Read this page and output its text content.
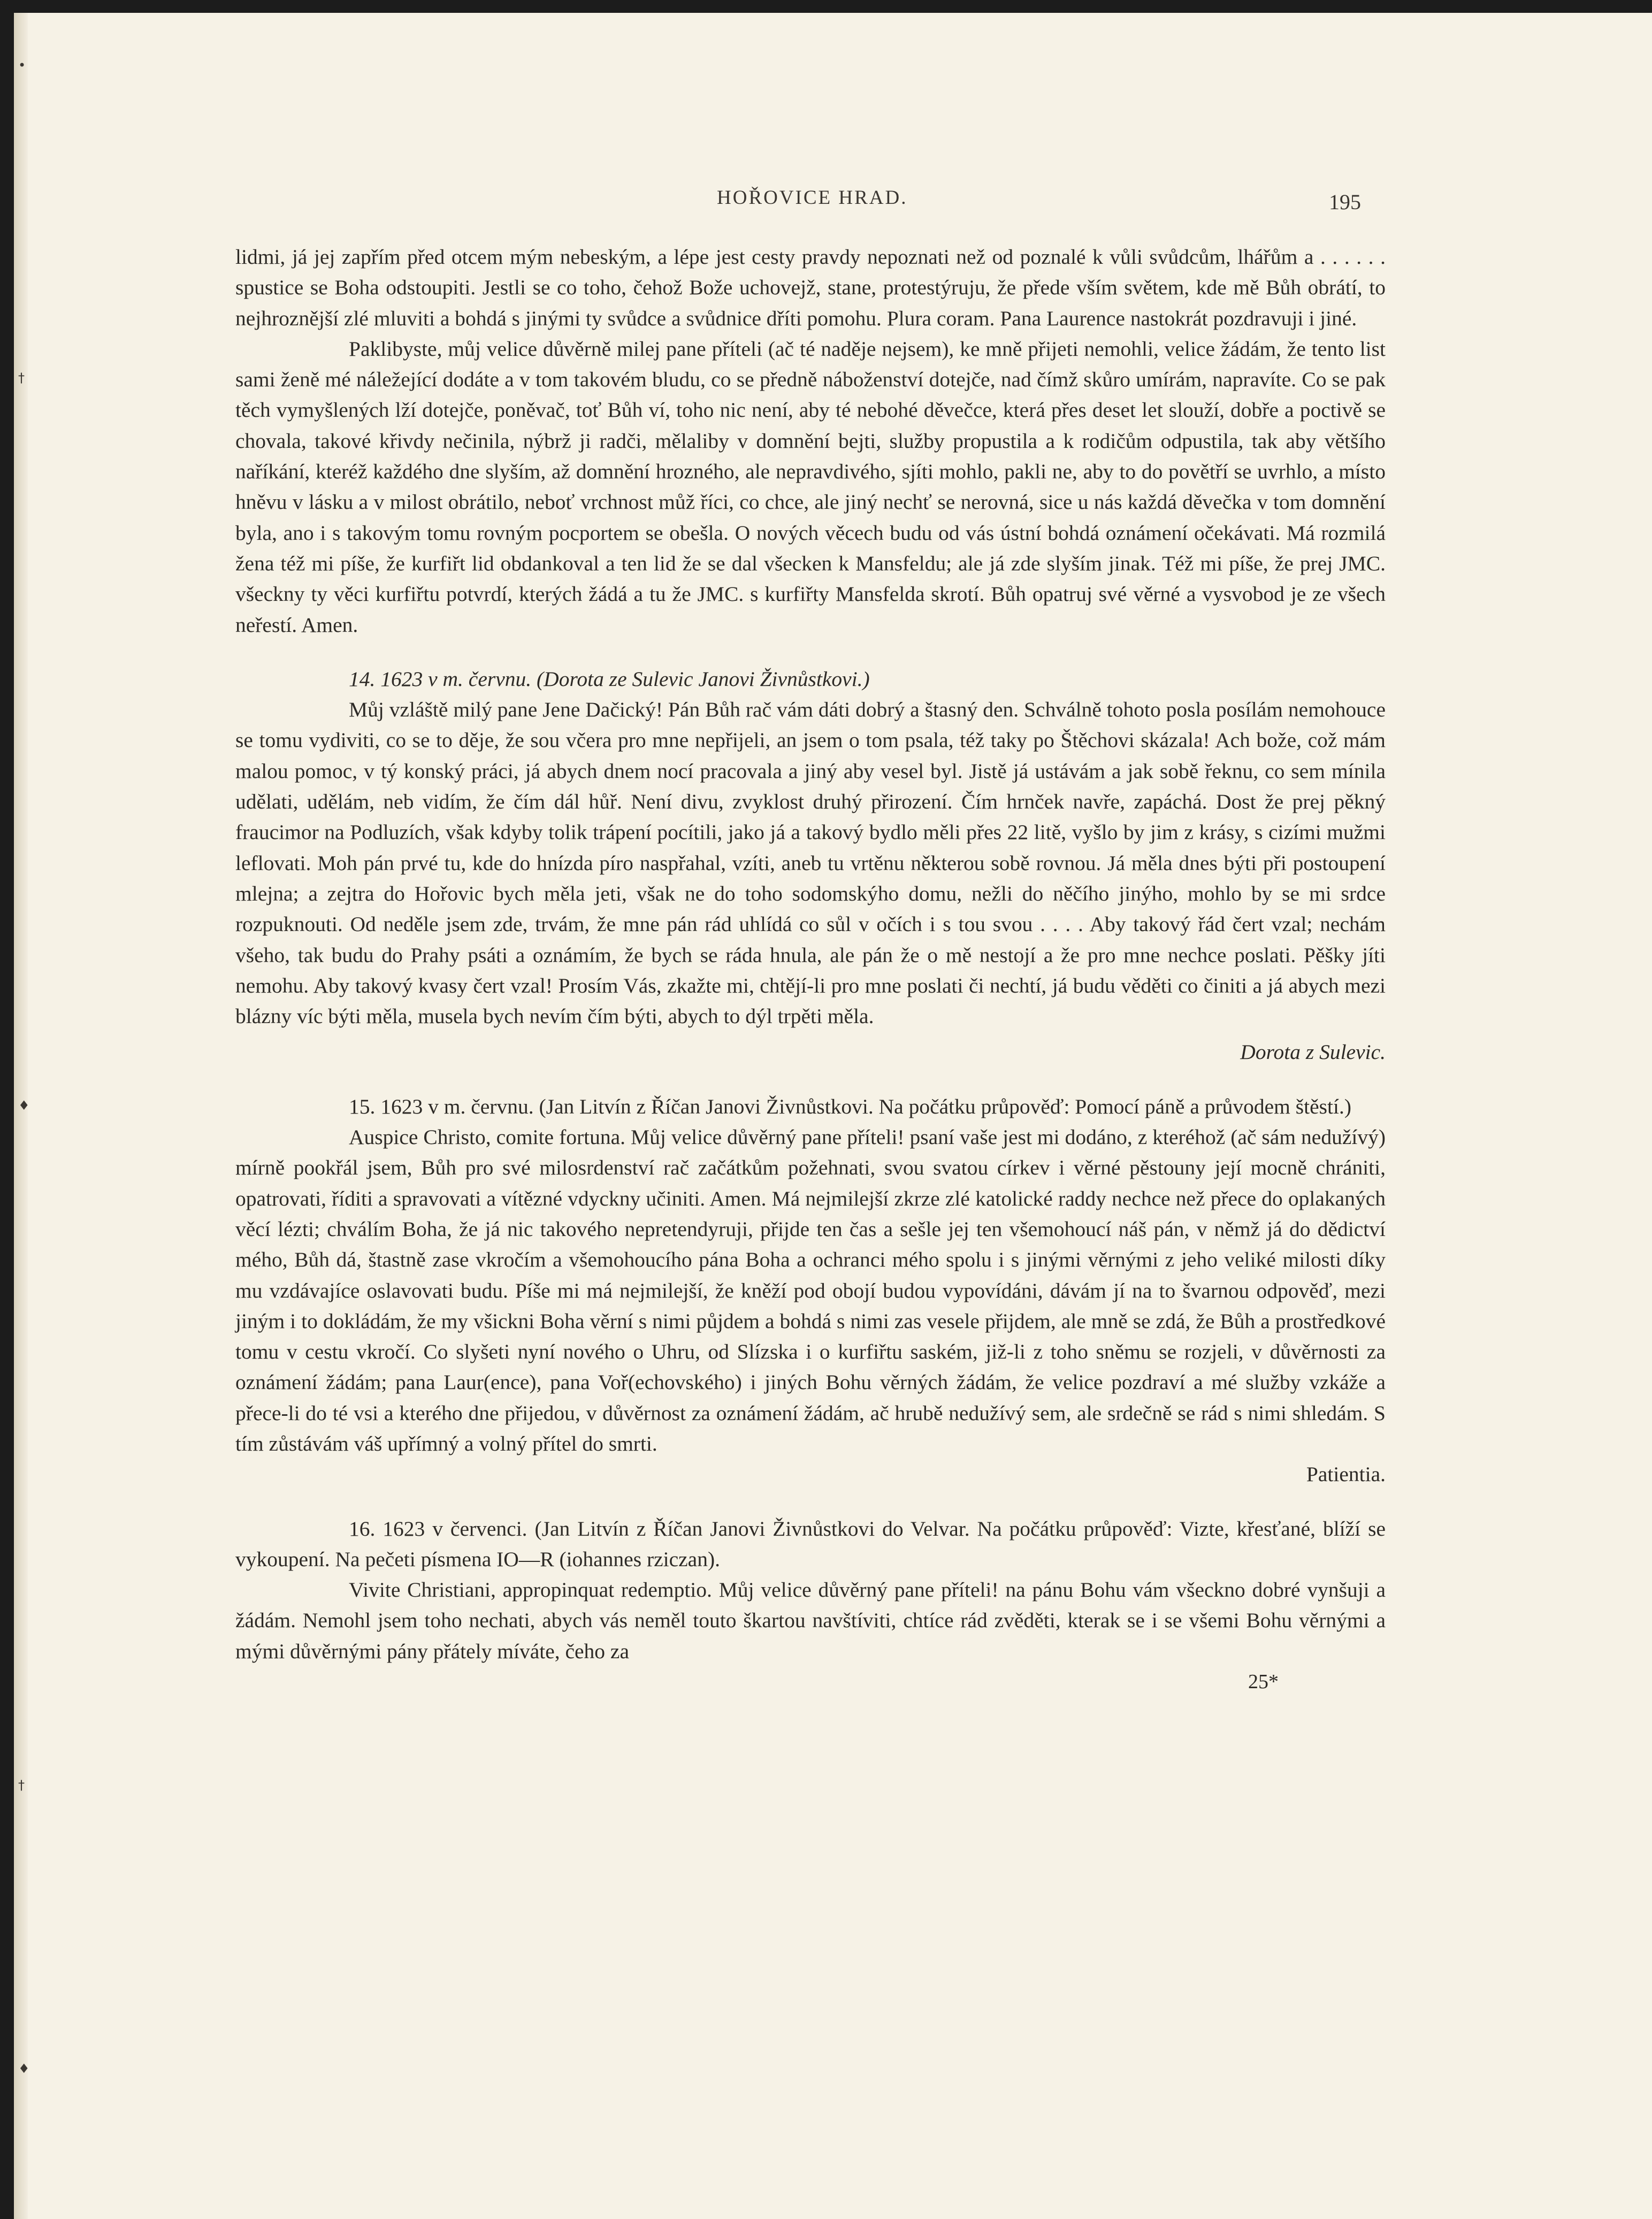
•
†
♦
†
♦
HOŘOVICE HRAD.	195

lidmi, já jej zapřím před otcem mým nebeským, a lépe jest cesty pravdy nepoznati než od poznalé k vůli svůdcům, lhářům a . . . . . . spustice se Boha odstoupiti. Jestli se co toho, čehož Bože uchovejž, stane, protestýruju, že přede vším světem, kde mě Bůh obrátí, to nejhroznější zlé mluviti a bohdá s jinými ty svůdce a svůdnice dříti pomohu. Plura coram. Pana Laurence nastokrát pozdravuji i jiné.

Paklibyste, můj velice důvěrně milej pane příteli (ač té naděje nejsem), ke mně přijeti nemohli, velice žádám, že tento list sami ženě mé náležející dodáte a v tom takovém bludu, co se předně náboženství dotejče, nad čímž skůro umírám, napravíte. Co se pak těch vymyšlených lží dotejče, poněvač, toť Bůh ví, toho nic není, aby té nebohé děvečce, která přes deset let slouží, dobře a poctivě se chovala, takové křivdy nečinila, nýbrž ji radči, mělaliby v domnění bejti, služby propustila a k rodičům odpustila, tak aby většího naříkání, kteréž každého dne slyším, až domnění hrozného, ale nepravdivého, sjíti mohlo, pakli ne, aby to do povětří se uvrhlo, a místo hněvu v lásku a v milost obrátilo, neboť vrchnost můž říci, co chce, ale jiný nechť se nerovná, sice u nás každá děvečka v tom domnění byla, ano i s takovým tomu rovným pocportem se obešla. O nových věcech budu od vás ústní bohdá oznámení očekávati. Má rozmilá žena též mi píše, že kurfiřt lid obdankoval a ten lid že se dal všecken k Mansfeldu; ale já zde slyším jinak. Též mi píše, že prej JMC. všeckny ty věci kurfiřtu potvrdí, kterých žádá a tu že JMC. s kurfiřty Mansfelda skrotí. Bůh opatruj své věrné a vysvobod je ze všech neřestí. Amen.

14. 1623 v m. červnu. (Dorota ze Sulevic Janovi Živnůstkovi.)

Můj vzláště milý pane Jene Dačický! Pán Bůh rač vám dáti dobrý a štasný den. Schválně tohoto posla posílám nemohouce se tomu vydiviti, co se to děje, že sou včera pro mne nepřijeli, an jsem o tom psala, též taky po Štěchovi skázala! Ach bože, což mám malou pomoc, v tý konský práci, já abych dnem nocí pracovala a jiný aby vesel byl. Jistě já ustávám a jak sobě řeknu, co sem mínila udělati, udělám, neb vidím, že čím dál hůř. Není divu, zvyklost druhý přirození. Čím hrnček navře, zapáchá. Dost že prej pěkný fraucimor na Podluzích, však kdyby tolik trápení pocítili, jako já a takový bydlo měli přes 22 litě, vyšlo by jim z krásy, s cizími mužmi leflovati. Moh pán prvé tu, kde do hnízda píro naspřahal, vzíti, aneb tu vrtěnu některou sobě rovnou. Já měla dnes býti při postoupení mlejna; a zejtra do Hořovic bych měla jeti, však ne do toho sodomskýho domu, nežli do něčího jinýho, mohlo by se mi srdce rozpuknouti. Od neděle jsem zde, trvám, že mne pán rád uhlídá co sůl v očích i s tou svou . . . . Aby takový řád čert vzal; nechám všeho, tak budu do Prahy psáti a oznámím, že bych se ráda hnula, ale pán že o mě nestojí a že pro mne nechce poslati. Pěšky jíti nemohu. Aby takový kvasy čert vzal! Prosím Vás, zkažte mi, chtějí-li pro mne poslati či nechtí, já budu věděti co činiti a já abych mezi blázny víc býti měla, musela bych nevím čím býti, abych to dýl trpěti měla.

Dorota z Sulevic.

15. 1623 v m. červnu. (Jan Litvín z Říčan Janovi Živnůstkovi. Na počátku průpověď: Pomocí páně a průvodem štěstí.)

Auspice Christo, comite fortuna. Můj velice důvěrný pane příteli! psaní vaše jest mi dodáno, z kteréhož (ač sám nedužívý) mírně pookřál jsem, Bůh pro své milosrdenství rač začátkům požehnati, svou svatou církev i věrné pěstouny její mocně chrániti, opatrovati, říditi a spravovati a vítězné vdyckny učiniti. Amen. Má nejmilejší zkrze zlé katolické raddy nechce než přece do oplakaných věcí lézti; chválím Boha, že já nic takového nepretendyruji, přijde ten čas a sešle jej ten všemohoucí náš pán, v němž já do dědictví mého, Bůh dá, štastně zase vkročím a všemohoucího pána Boha a ochranci mého spolu i s jinými věrnými z jeho veliké milosti díky mu vzdávajíce oslavovati budu. Píše mi má nejmilejší, že kněží pod obojí budou vypovídáni, dávám jí na to švarnou odpověď, mezi jiným i to dokládám, že my všickni Boha věrní s nimi půjdem a bohdá s nimi zas vesele přijdem, ale mně se zdá, že Bůh a prostředkové tomu v cestu vkročí. Co slyšeti nyní nového o Uhru, od Slízska i o kurfiřtu saském, již-li z toho sněmu se rozjeli, v důvěrnosti za oznámení žádám; pana Laur(ence), pana Voř(echovského) i jiných Bohu věrných žádám, že velice pozdraví a mé služby vzkáže a přece-li do té vsi a kterého dne přijedou, v důvěrnost za oznámení žádám, ač hrubě nedužívý sem, ale srdečně se rád s nimi shledám. S tím zůstávám váš upřímný a volný přítel do smrti.

Patientia.

16. 1623 v červenci. (Jan Litvín z Říčan Janovi Živnůstkovi do Velvar. Na počátku průpověď: Vizte, křesťané, blíží se vykoupení. Na pečeti písmena IO—R (iohannes rziczan).

Vivite Christiani, appropinquat redemptio. Můj velice důvěrný pane příteli! na pánu Bohu vám všeckno dobré vynšuji a žádám. Nemohl jsem toho nechati, abych vás neměl touto škartou navštíviti, chtíce rád zvěděti, kterak se i se všemi Bohu věrnými a mými důvěrnými pány přátely míváte, čeho za

25*
